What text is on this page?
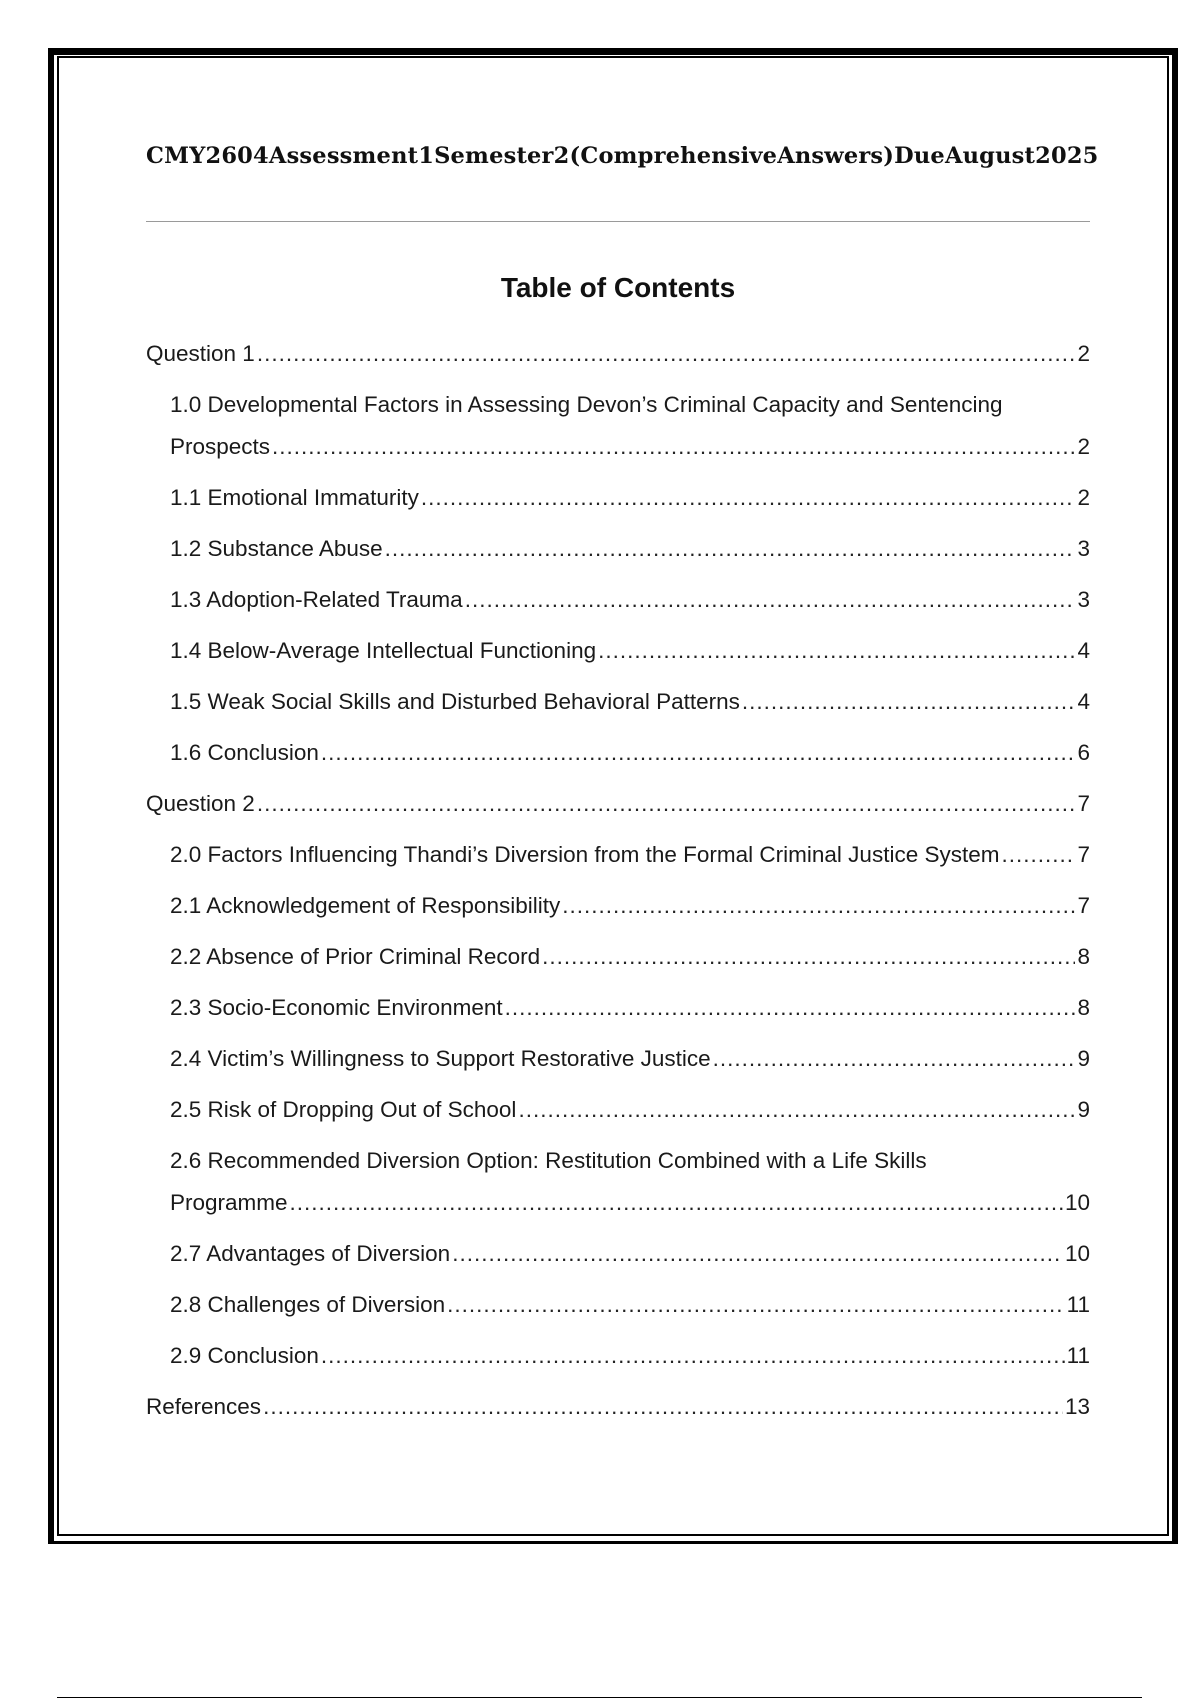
CMY2604 Assessment 1 Semester 2 (Comprehensive Answers) Due August 2025
Table of Contents
Question 1 .....	2
1.0 Developmental Factors in Assessing Devon’s Criminal Capacity and Sentencing
Prospects .....	2
1.1 Emotional Immaturity .....	2
1.2 Substance Abuse .....	3
1.3 Adoption-Related Trauma .....	3
1.4 Below-Average Intellectual Functioning .....	4
1.5 Weak Social Skills and Disturbed Behavioral Patterns .....	4
1.6 Conclusion .....	6
Question 2 .....	7
2.0 Factors Influencing Thandi’s Diversion from the Formal Criminal Justice System .....	7
2.1 Acknowledgement of Responsibility .....	7
2.2 Absence of Prior Criminal Record .....	8
2.3 Socio-Economic Environment .....	8
2.4 Victim’s Willingness to Support Restorative Justice .....	9
2.5 Risk of Dropping Out of School .....	9
2.6 Recommended Diversion Option: Restitution Combined with a Life Skills
Programme .....	10
2.7 Advantages of Diversion .....	10
2.8 Challenges of Diversion .....	11
2.9 Conclusion .....	11
References .....	13
